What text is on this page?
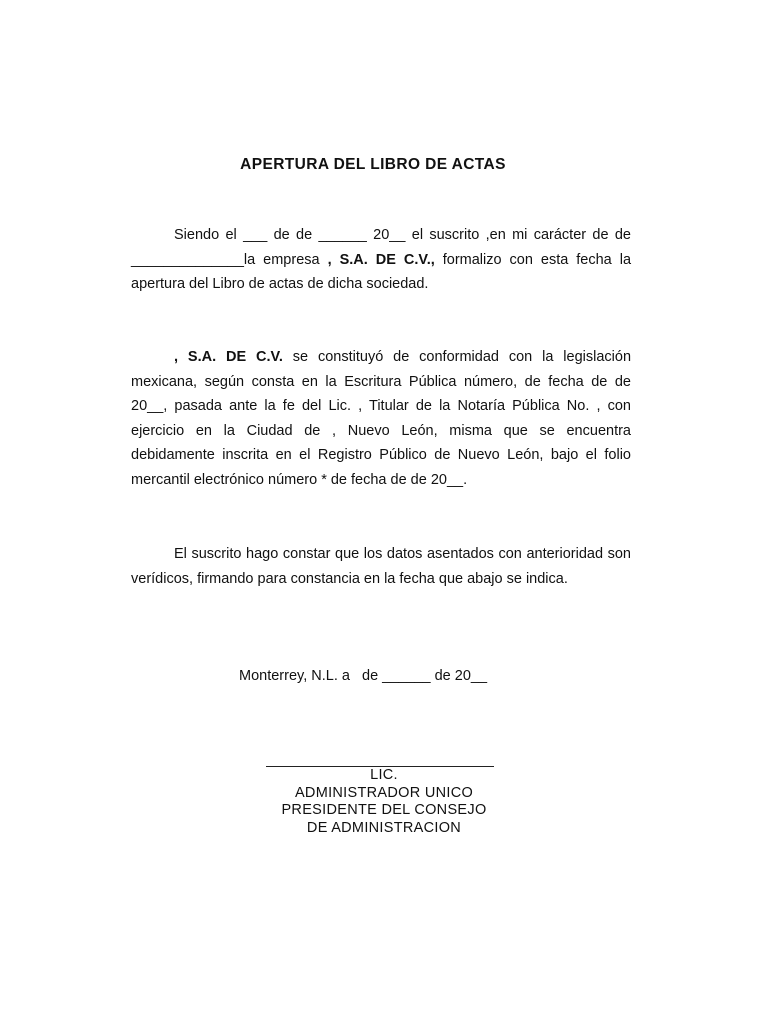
APERTURA DEL LIBRO DE ACTAS

Siendo el ___ de de ______ 20__ el suscrito ,en mi carácter de de ______________la empresa , S.A. DE C.V., formalizo con esta fecha la apertura del Libro de actas de dicha sociedad.

, S.A. DE C.V. se constituyó de conformidad con la legislación mexicana, según consta en la Escritura Pública número, de fecha de de 20__, pasada ante la fe del Lic. , Titular de la Notaría Pública No. , con ejercicio en la Ciudad de , Nuevo León, misma que se encuentra debidamente inscrita en el Registro Público de Nuevo León, bajo el folio mercantil electrónico número * de fecha de de 20__.

El suscrito hago constar que los datos asentados con anterioridad son verídicos, firmando para constancia en la fecha que abajo se indica.

Monterrey, N.L. a   de ______ de 20__

LIC.
ADMINISTRADOR UNICO
PRESIDENTE DEL CONSEJO
DE ADMINISTRACION
